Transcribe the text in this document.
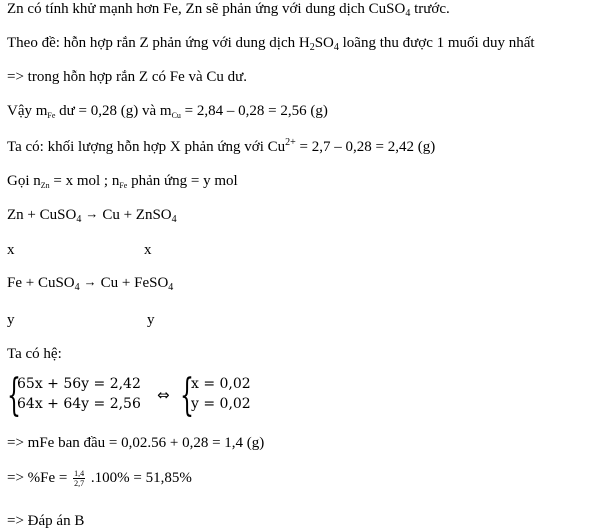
Zn có tính khử mạnh hơn Fe, Zn sẽ phản ứng với dung dịch CuSO$_4$ trước.
Theo đề: hỗn hợp rắn Z phản ứng với dung dịch $H_2SO_4$ loãng thu được 1 muối duy nhất
=> trong hỗn hợp rắn Z có Fe và Cu dư.
Vậy $m_{Fe}$ dư = 0,28 (g) và $m_{Cu} = 2,84 - 0,28 = 2,56$ (g)
Ta có: khối lượng hỗn hợp X phản ứng với $Cu^{2+} = 2,7 - 0,28 = 2,42$ (g)
Gọi $n_{Zn} = x$ mol ; $n_{Fe}$ phản ứng = y mol
Zn + CuSO$_4$ → Cu + ZnSO$_4$
x	x
Fe + CuSO$_4$ → Cu + FeSO$_4$
y	y
Ta có hệ:
{
65x + 56y = 2,42
64x + 64y = 2,56 ⇔ {
x = 0,02
y = 0,02
=> mFe ban đầu = 0,02.56 + 0,28 = 1,4 (g)
=> $\%Fe = \frac{1,4}{2,7} .100\% = 51,85\%$
=> Đáp án B
